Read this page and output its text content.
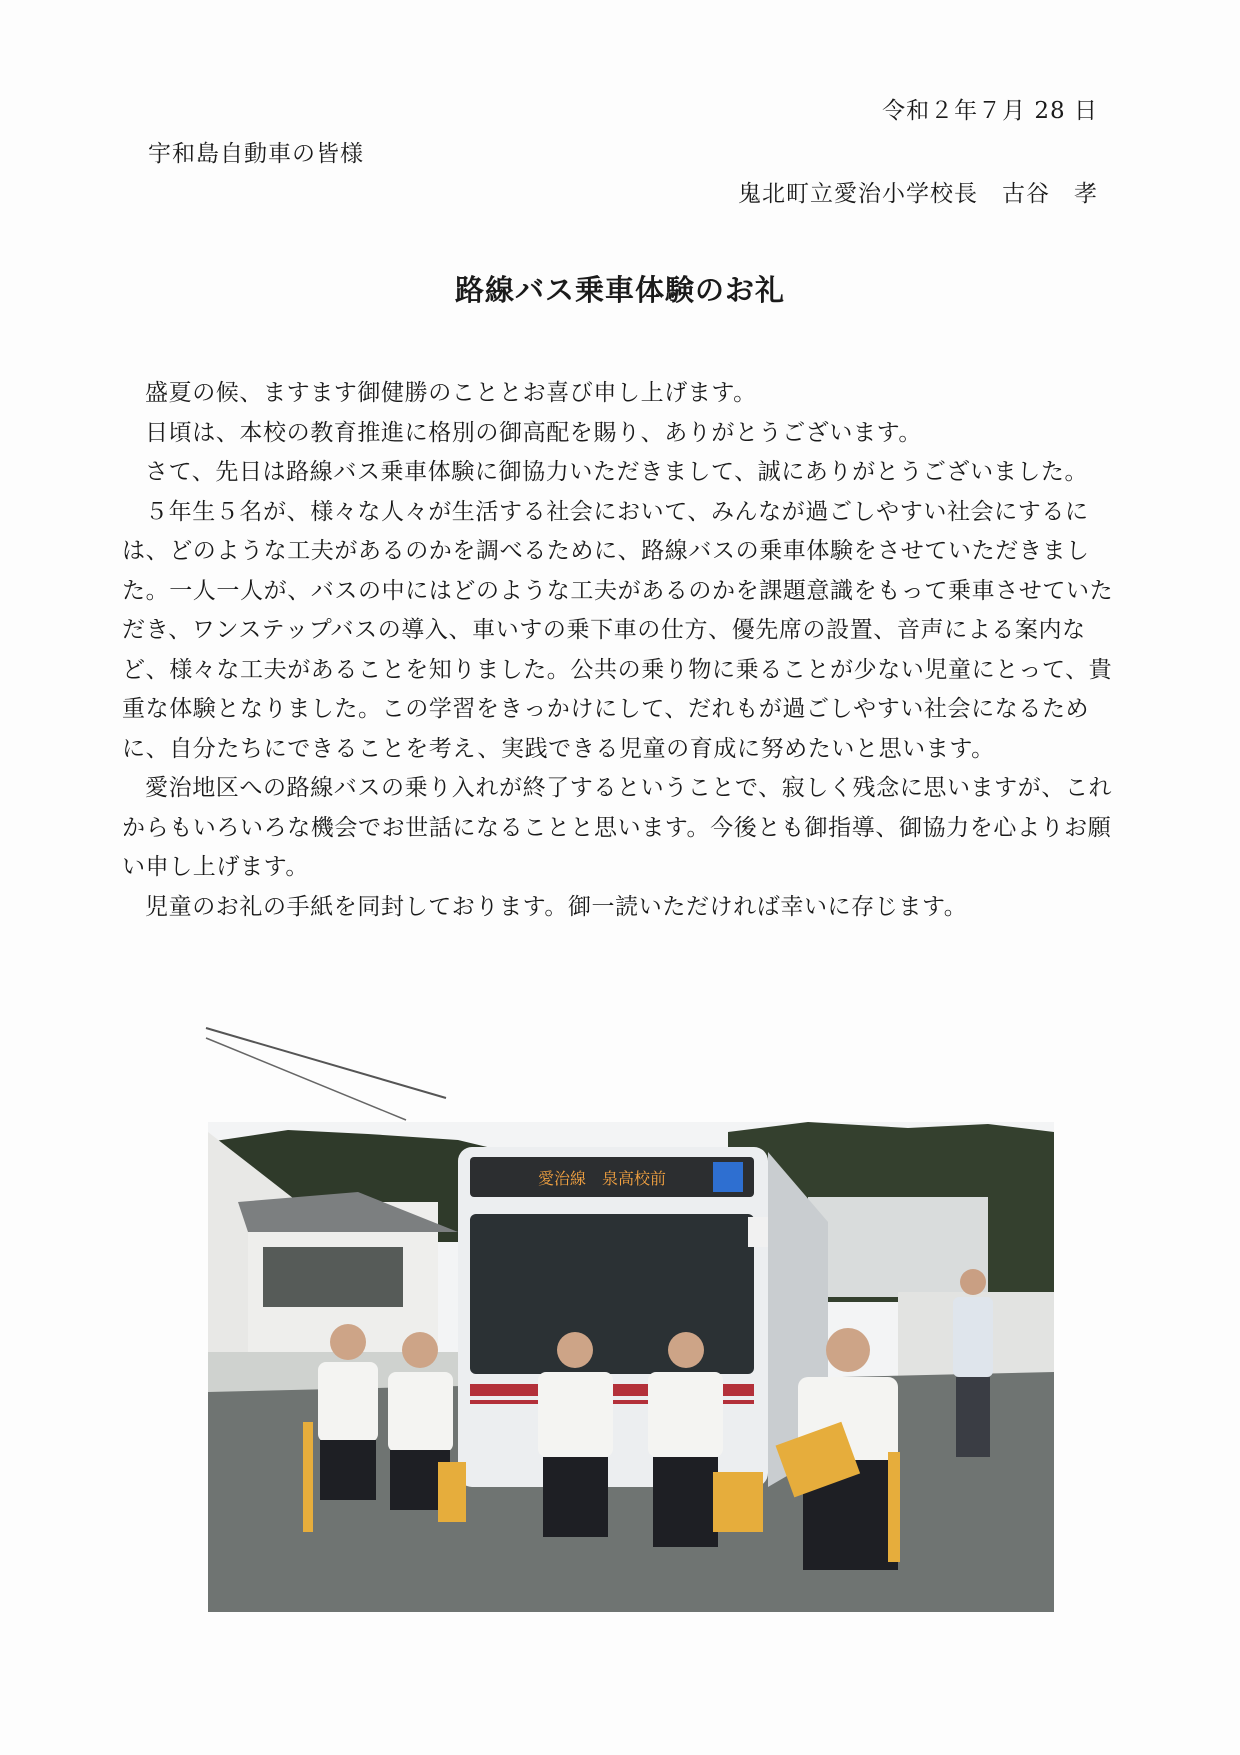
令和２年７月 28 日
宇和島自動車の皆様
鬼北町立愛治小学校長　古谷　孝
路線バス乗車体験のお礼

盛夏の候、ますます御健勝のこととお喜び申し上げます。

日頃は、本校の教育推進に格別の御高配を賜り、ありがとうございます。

さて、先日は路線バス乗車体験に御協力いただきまして、誠にありがとうございました。

５年生５名が、様々な人々が生活する社会において、みんなが過ごしやすい社会にするには、どのような工夫があるのかを調べるために、路線バスの乗車体験をさせていただきました。一人一人が、バスの中にはどのような工夫があるのかを課題意識をもって乗車させていただき、ワンステップバスの導入、車いすの乗下車の仕方、優先席の設置、音声による案内など、様々な工夫があることを知りました。公共の乗り物に乗ることが少ない児童にとって、貴重な体験となりました。この学習をきっかけにして、だれもが過ごしやすい社会になるために、自分たちにできることを考え、実践できる児童の育成に努めたいと思います。

愛治地区への路線バスの乗り入れが終了するということで、寂しく残念に思いますが、これからもいろいろな機会でお世話になることと思います。今後とも御指導、御協力を心よりお願い申し上げます。

児童のお礼の手紙を同封しております。御一読いただければ幸いに存じます。

愛治線　泉高校前
